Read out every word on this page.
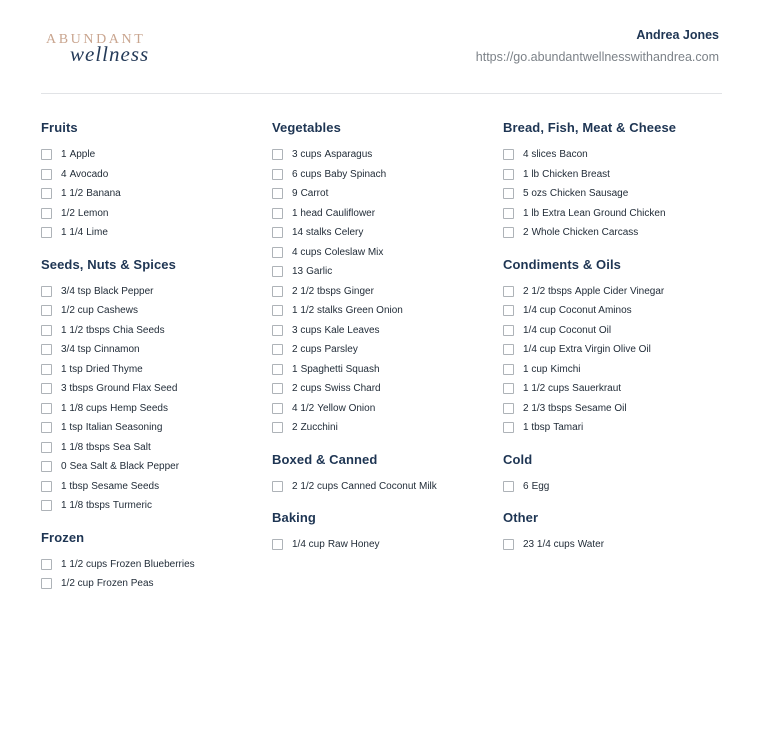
ABUNDANT
wellness
Andrea Jones
https://go.abundantwellnesswithandrea.com
Fruits
1 Apple
4 Avocado
1 1/2 Banana
1/2 Lemon
1 1/4 Lime
Seeds, Nuts & Spices
3/4 tsp Black Pepper
1/2 cup Cashews
1 1/2 tbsps Chia Seeds
3/4 tsp Cinnamon
1 tsp Dried Thyme
3 tbsps Ground Flax Seed
1 1/8 cups Hemp Seeds
1 tsp Italian Seasoning
1 1/8 tbsps Sea Salt
0 Sea Salt & Black Pepper
1 tbsp Sesame Seeds
1 1/8 tbsps Turmeric
Frozen
1 1/2 cups Frozen Blueberries
1/2 cup Frozen Peas
Vegetables
3 cups Asparagus
6 cups Baby Spinach
9 Carrot
1 head Cauliflower
14 stalks Celery
4 cups Coleslaw Mix
13 Garlic
2 1/2 tbsps Ginger
1 1/2 stalks Green Onion
3 cups Kale Leaves
2 cups Parsley
1 Spaghetti Squash
2 cups Swiss Chard
4 1/2 Yellow Onion
2 Zucchini
Boxed & Canned
2 1/2 cups Canned Coconut Milk
Baking
1/4 cup Raw Honey
Bread, Fish, Meat & Cheese
4 slices Bacon
1 lb Chicken Breast
5 ozs Chicken Sausage
1 lb Extra Lean Ground Chicken
2 Whole Chicken Carcass
Condiments & Oils
2 1/2 tbsps Apple Cider Vinegar
1/4 cup Coconut Aminos
1/4 cup Coconut Oil
1/4 cup Extra Virgin Olive Oil
1 cup Kimchi
1 1/2 cups Sauerkraut
2 1/3 tbsps Sesame Oil
1 tbsp Tamari
Cold
6 Egg
Other
23 1/4 cups Water
